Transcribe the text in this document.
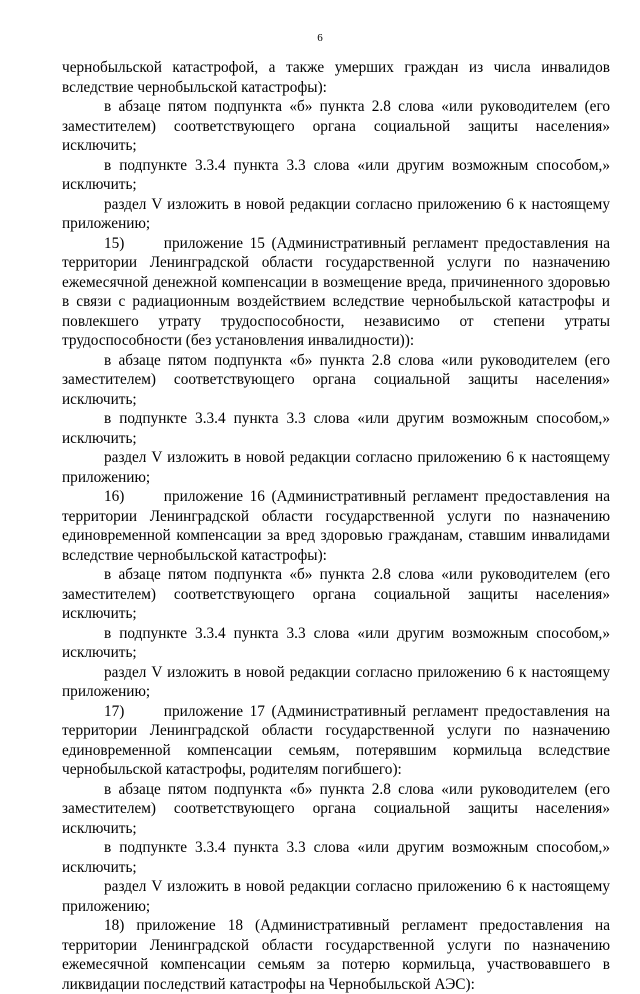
6

чернобыльской катастрофой, а также умерших граждан из числа инвалидов вследствие чернобыльской катастрофы):

в абзаце пятом подпункта «б» пункта 2.8 слова «или руководителем (его заместителем) соответствующего органа социальной защиты населения» исключить;

в подпункте 3.3.4 пункта 3.3 слова «или другим возможным способом,» исключить;

раздел V изложить в новой редакции согласно приложению 6 к настоящему приложению;

15)      приложение 15 (Административный регламент предоставления на территории Ленинградской области государственной услуги по назначению ежемесячной денежной компенсации в возмещение вреда, причиненного здоровью в связи с радиационным воздействием вследствие чернобыльской катастрофы и повлекшего утрату трудоспособности, независимо от степени утраты трудоспособности (без установления инвалидности)):

в абзаце пятом подпункта «б» пункта 2.8 слова «или руководителем (его заместителем) соответствующего органа социальной защиты населения» исключить;

в подпункте 3.3.4 пункта 3.3 слова «или другим возможным способом,» исключить;

раздел V изложить в новой редакции согласно приложению 6 к настоящему приложению;

16)      приложение 16 (Административный регламент предоставления на территории Ленинградской области государственной услуги по назначению единовременной компенсации за вред здоровью гражданам, ставшим инвалидами вследствие чернобыльской катастрофы):

в абзаце пятом подпункта «б» пункта 2.8 слова «или руководителем (его заместителем) соответствующего органа социальной защиты населения» исключить;

в подпункте 3.3.4 пункта 3.3 слова «или другим возможным способом,» исключить;

раздел V изложить в новой редакции согласно приложению 6 к настоящему приложению;

17)      приложение 17 (Административный регламент предоставления на территории Ленинградской области государственной услуги по назначению единовременной компенсации семьям, потерявшим кормильца вследствие чернобыльской катастрофы, родителям погибшего):

в абзаце пятом подпункта «б» пункта 2.8 слова «или руководителем (его заместителем) соответствующего органа социальной защиты населения» исключить;

в подпункте 3.3.4 пункта 3.3 слова «или другим возможным способом,» исключить;

раздел V изложить в новой редакции согласно приложению 6 к настоящему приложению;

18) приложение 18 (Административный регламент предоставления на территории Ленинградской области государственной услуги по назначению ежемесячной компенсации семьям за потерю кормильца, участвовавшего в ликвидации последствий катастрофы на Чернобыльской АЭС):
